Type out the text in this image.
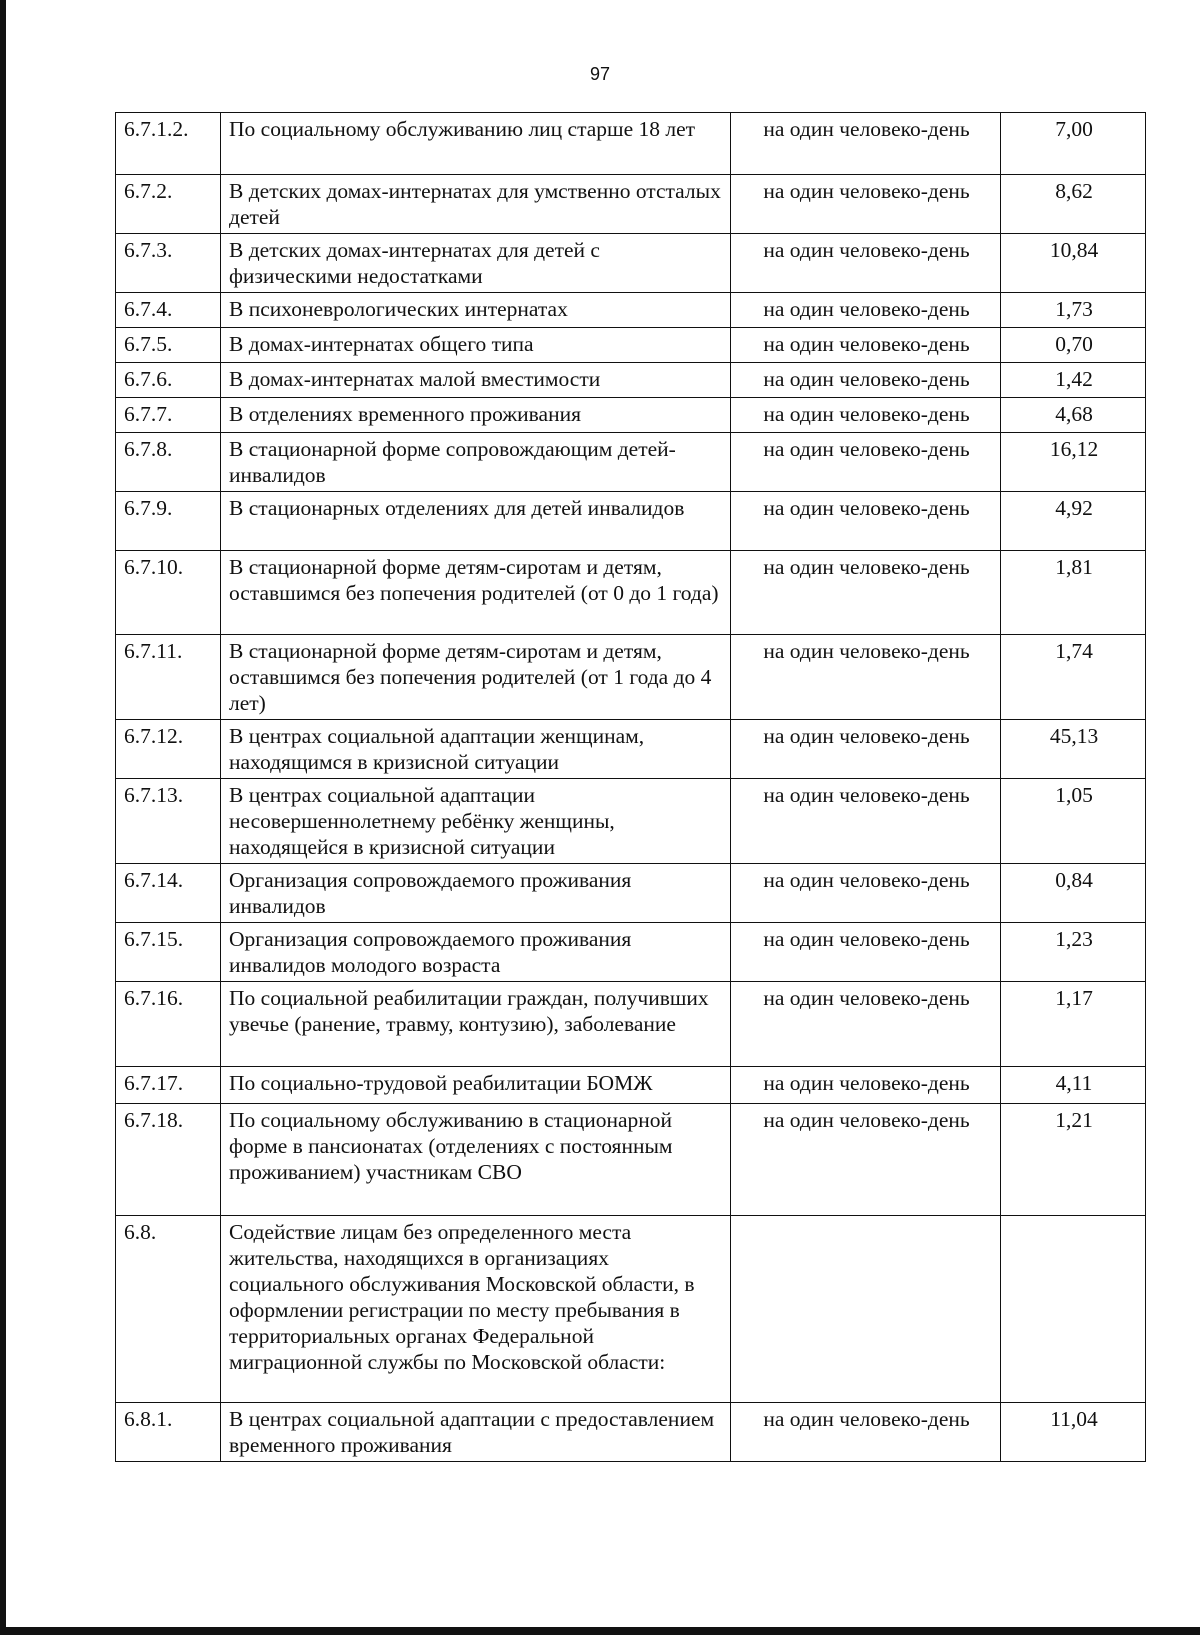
97
6.7.1.2.	По социальному обслуживанию лиц старше 18 лет	на один человеко-день	7,00
6.7.2.	В детских домах-интернатах для умственно отсталых детей	на один человеко-день	8,62
6.7.3.	В детских домах-интернатах для детей с физическими недостатками	на один человеко-день	10,84
6.7.4.	В психоневрологических интернатах	на один человеко-день	1,73
6.7.5.	В домах-интернатах общего типа	на один человеко-день	0,70
6.7.6.	В домах-интернатах малой вместимости	на один человеко-день	1,42
6.7.7.	В отделениях временного проживания	на один человеко-день	4,68
6.7.8.	В стационарной форме сопровождающим детей-инвалидов	на один человеко-день	16,12
6.7.9.	В стационарных отделениях для детей инвалидов	на один человеко-день	4,92
6.7.10.	В стационарной форме детям-сиротам и детям, оставшимся без попечения родителей (от 0 до 1 года)	на один человеко-день	1,81
6.7.11.	В стационарной форме детям-сиротам и детям, оставшимся без попечения родителей (от 1 года до 4 лет)	на один человеко-день	1,74
6.7.12.	В центрах социальной адаптации женщинам, находящимся в кризисной ситуации	на один человеко-день	45,13
6.7.13.	В центрах социальной адаптации несовершеннолетнему ребёнку женщины, находящейся в кризисной ситуации	на один человеко-день	1,05
6.7.14.	Организация сопровождаемого проживания инвалидов	на один человеко-день	0,84
6.7.15.	Организация сопровождаемого проживания инвалидов молодого возраста	на один человеко-день	1,23
6.7.16.	По социальной реабилитации граждан, получивших увечье (ранение, травму, контузию), заболевание	на один человеко-день	1,17
6.7.17.	По социально-трудовой реабилитации БОМЖ	на один человеко-день	4,11
6.7.18.	По социальному обслуживанию в стационарной форме в пансионатах (отделениях с постоянным проживанием) участникам СВО	на один человеко-день	1,21
6.8.	Содействие лицам без определенного места жительства, находящихся в организациях социального обслуживания Московской области, в оформлении регистрации по месту пребывания в территориальных органах Федеральной миграционной службы по Московской области:		
6.8.1.	В центрах социальной адаптации с предоставлением временного проживания	на один человеко-день	11,04
